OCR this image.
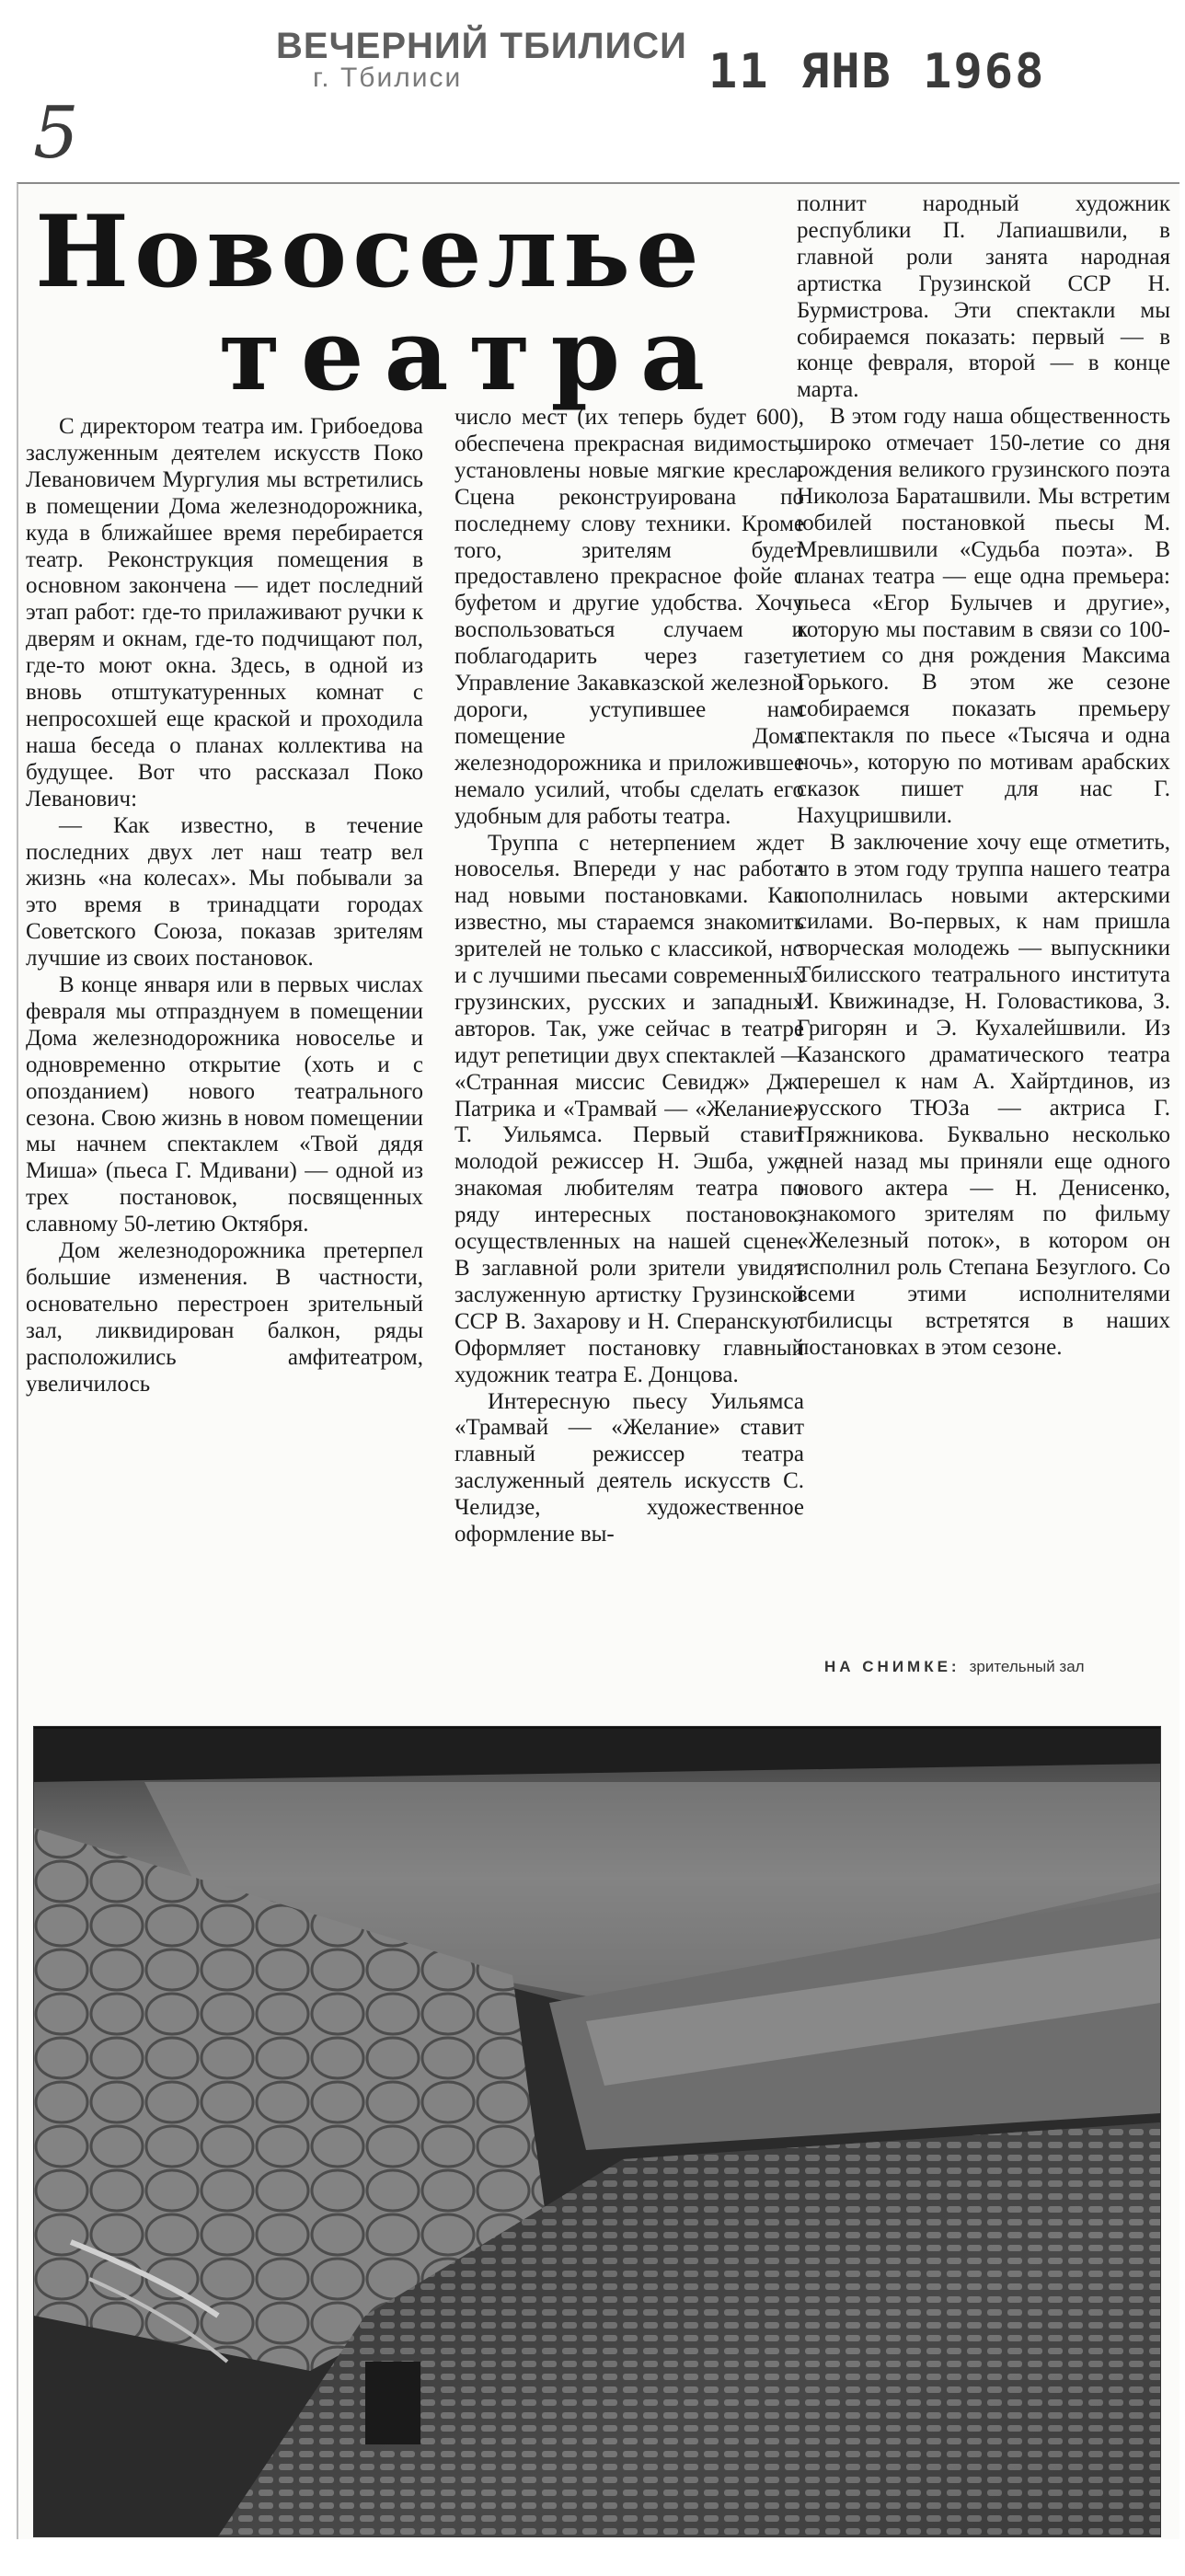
ВЕЧЕРНИЙ ТБИЛИСИ
г. Тбилиси	11 ЯНВ 1968
5
Новоселье
театра

С директором театра им. Грибоедова заслуженным деятелем искусств Поко Левановичем Мургулия мы встретились в помещении Дома железнодорожника, куда в ближайшее время перебирается театр. Реконструкция помещения в основном закончена — идет последний этап работ: где-то прилаживают ручки к дверям и окнам, где-то подчищают пол, где-то моют окна. Здесь, в одной из вновь отштукатуренных комнат с непросохшей еще краской и проходила наша беседа о планах коллектива на будущее. Вот что рассказал Поко Леванович:

— Как известно, в течение последних двух лет наш театр вел жизнь «на колесах». Мы побывали за это время в тринадцати городах Советского Союза, показав зрителям лучшие из своих постановок.

В конце января или в первых числах февраля мы отпразднуем в помещении Дома железнодорожника новоселье и одновременно открытие (хоть и с опозданием) нового театрального сезона. Свою жизнь в новом помещении мы начнем спектаклем «Твой дядя Миша» (пьеса Г. Мдивани) — одной из трех постановок, посвященных славному 50-летию Октября.

Дом железнодорожника претерпел большие изменения. В частности, основательно перестроен зрительный зал, ликвидирован балкон, ряды расположились амфитеатром, увеличилось

число мест (их теперь будет 600), обеспечена прекрасная видимость, установлены новые мягкие кресла. Сцена реконструирована по последнему слову техники. Кроме того, зрителям будет предоставлено прекрасное фойе с буфетом и другие удобства. Хочу воспользоваться случаем и поблагодарить через газету Управление Закавказской железной дороги, уступившее нам помещение Дома железнодорожника и приложившее немало усилий, чтобы сделать его удобным для работы театра.

Труппа с нетерпением ждет новоселья. Впереди у нас работа над новыми постановками. Как известно, мы стараемся знакомить зрителей не только с классикой, но и с лучшими пьесами современных грузинских, русских и западных авторов. Так, уже сейчас в театре идут репетиции двух спектаклей — «Странная миссис Севидж» Дж. Патрика и «Трамвай — «Желание» Т. Уильямса. Первый ставит молодой режиссер Н. Эшба, уже знакомая любителям театра по ряду интересных постановок, осуществленных на нашей сцене. В заглавной роли зрители увидят заслуженную артистку Грузинской ССР В. Захарову и Н. Сперанскую. Оформляет постановку главный художник театра Е. Донцова.

Интересную пьесу Уильямса «Трамвай — «Желание» ставит главный режиссер театра заслуженный деятель искусств С. Челидзе, художественное оформление вы-

полнит народный художник республики П. Лапиашвили, в главной роли занята народная артистка Грузинской ССР Н. Бурмистрова. Эти спектакли мы собираемся показать: первый — в конце февраля, второй — в конце марта.

В этом году наша общественность широко отмечает 150-летие со дня рождения великого грузинского поэта Николоза Бараташвили. Мы встретим юбилей постановкой пьесы М. Мревлишвили «Судьба поэта». В планах театра — еще одна премьера: пьеса «Егор Булычев и другие», которую мы поставим в связи со 100-летием со дня рождения Максима Горького. В этом же сезоне собираемся показать премьеру спектакля по пьесе «Тысяча и одна ночь», которую по мотивам арабских сказок пишет для нас Г. Нахуцришвили.

В заключение хочу еще отметить, что в этом году труппа нашего театра пополнилась новыми актерскими силами. Во-первых, к нам пришла творческая молодежь — выпускники Тбилисского театрального института И. Квижинадзе, Н. Головастикова, З. Григорян и Э. Кухалейшвили. Из Казанского драматического театра перешел к нам А. Хайртдинов, из русского ТЮЗа — актриса Г. Пряжникова. Буквально несколько дней назад мы приняли еще одного нового актера — Н. Денисенко, знакомого зрителям по фильму «Железный поток», в котором он исполнил роль Степана Безуглого. Со всеми этими исполнителями тбилисцы встретятся в наших постановках в этом сезоне.

НА СНИМКЕ: зрительный зал
